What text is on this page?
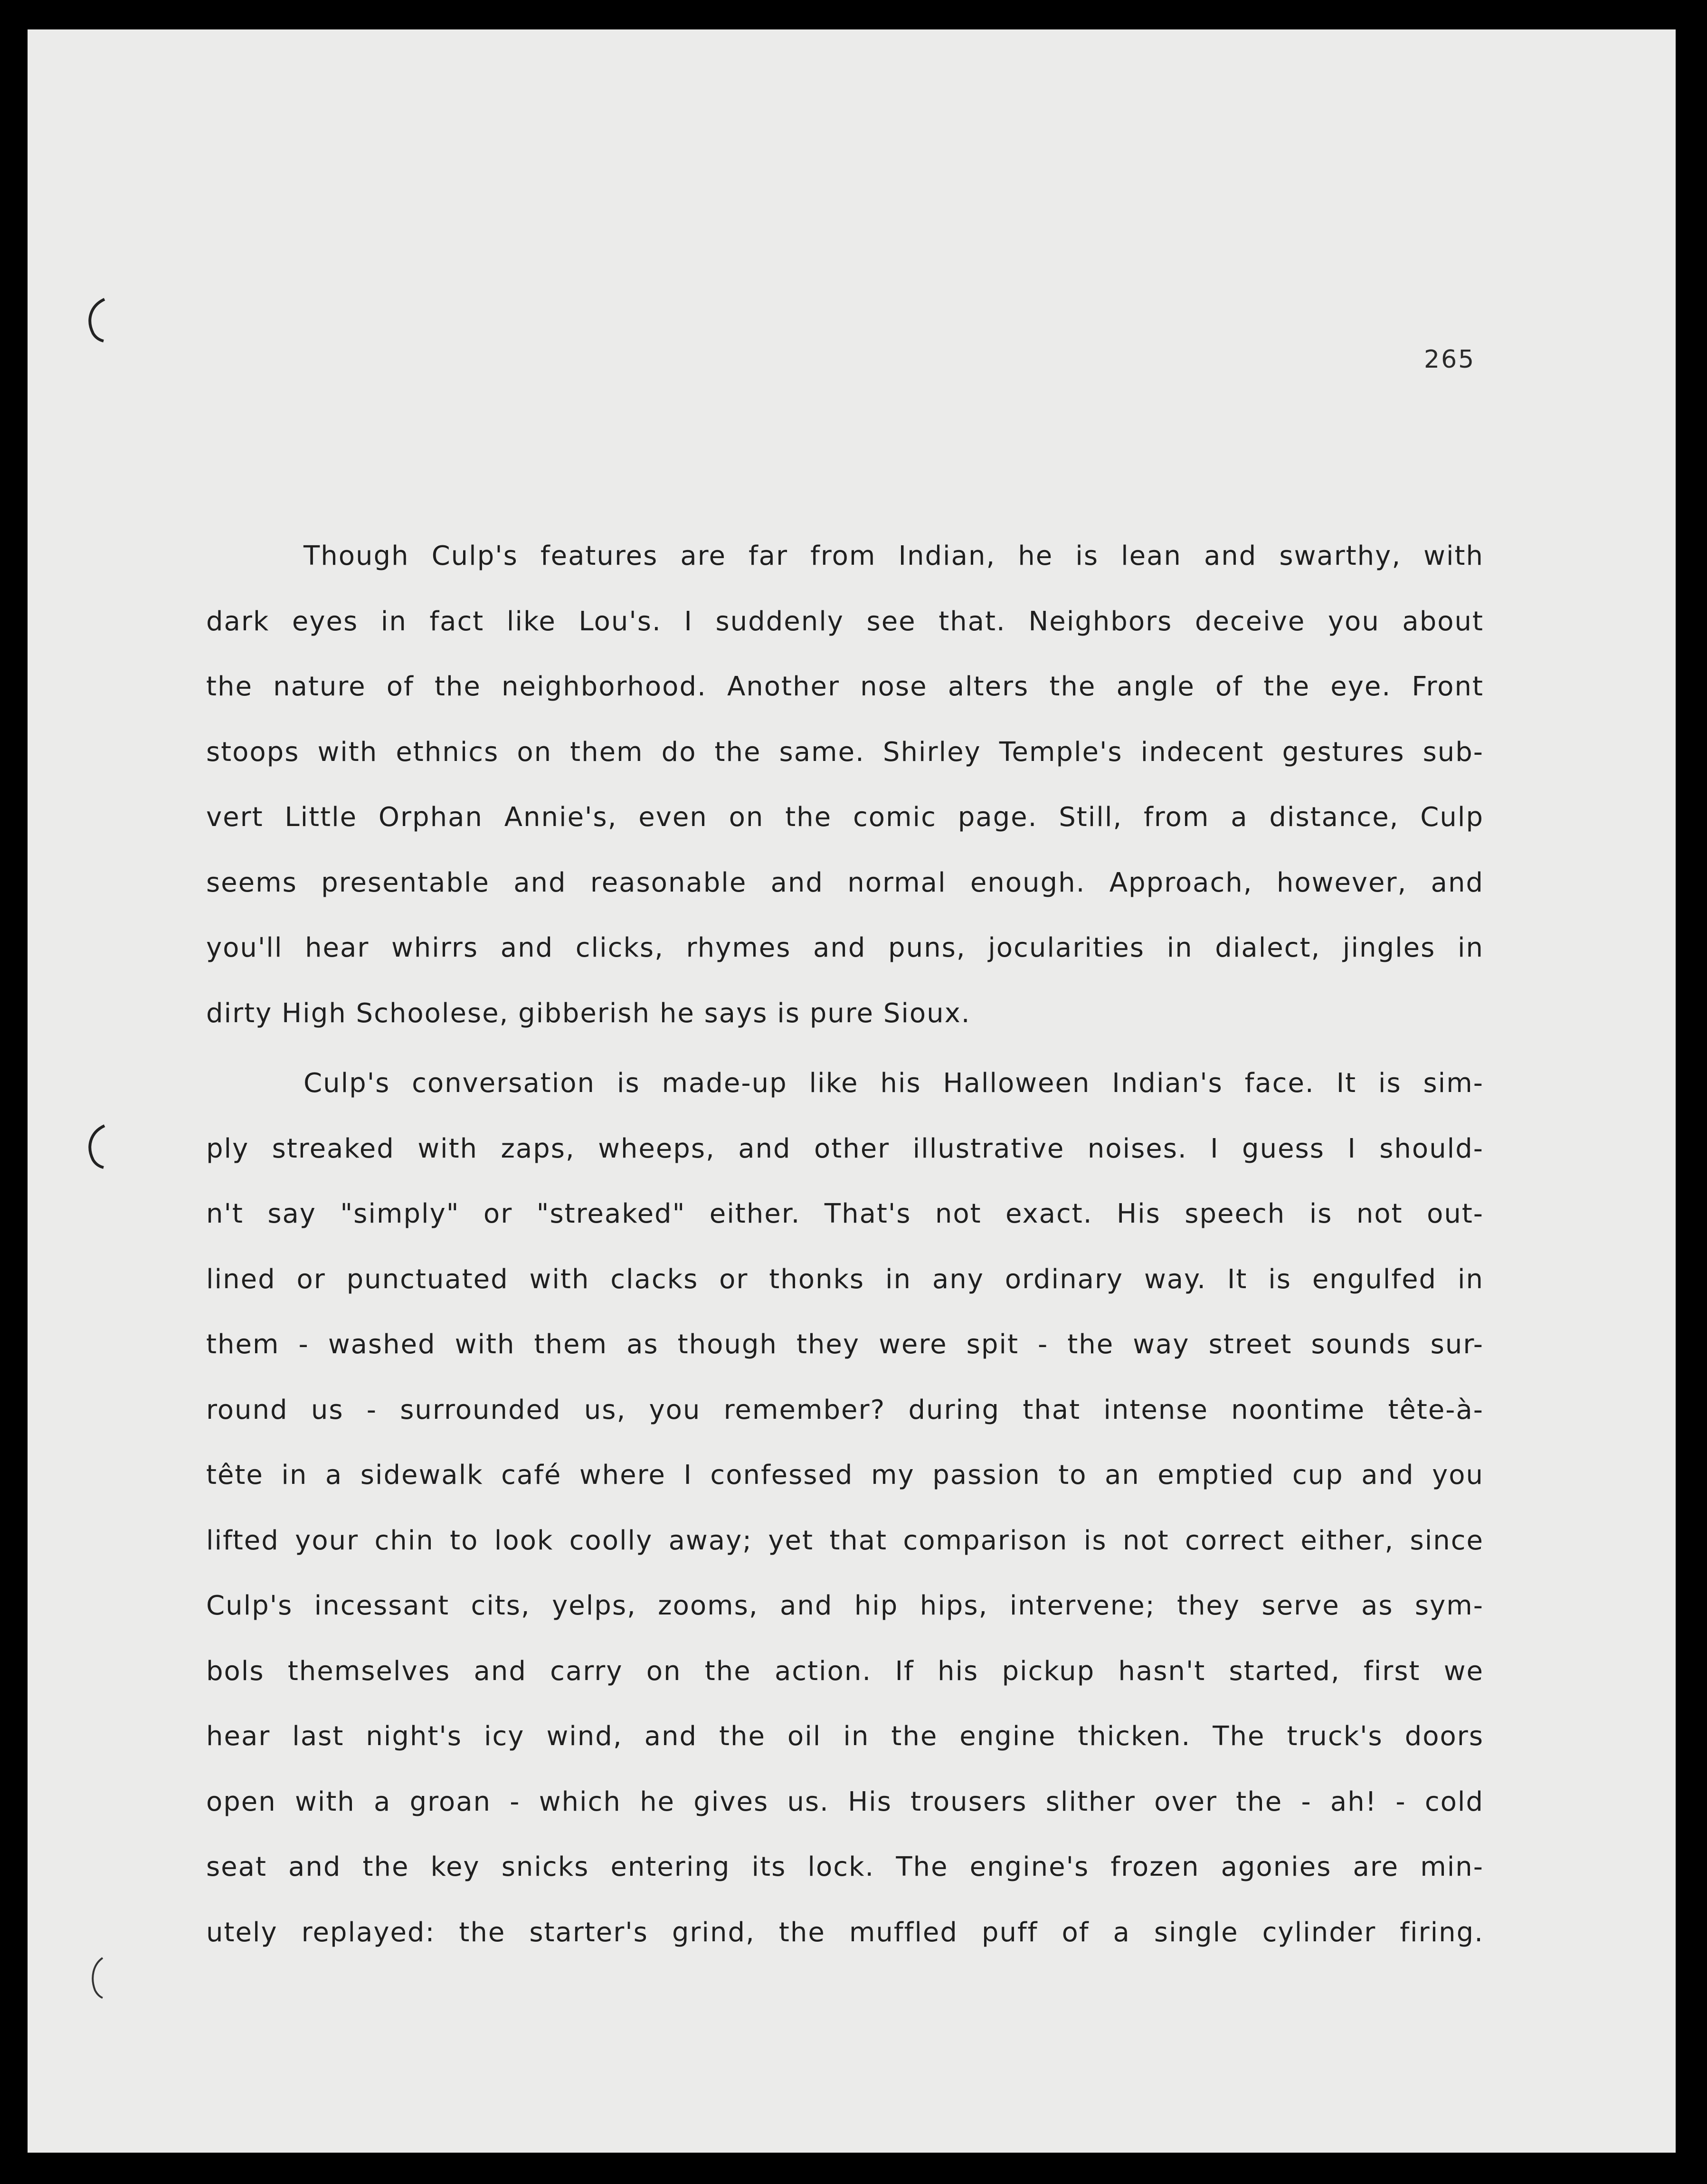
265
Though Culp's features are far from Indian, he is lean and swarthy, with
dark eyes in fact like Lou's. I suddenly see that. Neighbors deceive you about
the nature of the neighborhood. Another nose alters the angle of the eye. Front
stoops with ethnics on them do the same. Shirley Temple's indecent gestures sub-
vert Little Orphan Annie's, even on the comic page. Still, from a distance, Culp
seems presentable and reasonable and normal enough. Approach, however, and
you'll hear whirrs and clicks, rhymes and puns, jocularities in dialect, jingles in
dirty High Schoolese, gibberish he says is pure Sioux.
Culp's conversation is made-up like his Halloween Indian's face. It is sim-
ply streaked with zaps, wheeps, and other illustrative noises. I guess I should-
n't say "simply" or "streaked" either. That's not exact. His speech is not out-
lined or punctuated with clacks or thonks in any ordinary way. It is engulfed in
them - washed with them as though they were spit - the way street sounds sur-
round us - surrounded us, you remember? during that intense noontime tête-à-
tête in a sidewalk café where I confessed my passion to an emptied cup and you
lifted your chin to look coolly away; yet that comparison is not correct either, since
Culp's incessant cits, yelps, zooms, and hip hips, intervene; they serve as sym-
bols themselves and carry on the action. If his pickup hasn't started, first we
hear last night's icy wind, and the oil in the engine thicken. The truck's doors
open with a groan - which he gives us. His trousers slither over the - ah! - cold
seat and the key snicks entering its lock. The engine's frozen agonies are min-
utely replayed: the starter's grind, the muffled puff of a single cylinder firing.
